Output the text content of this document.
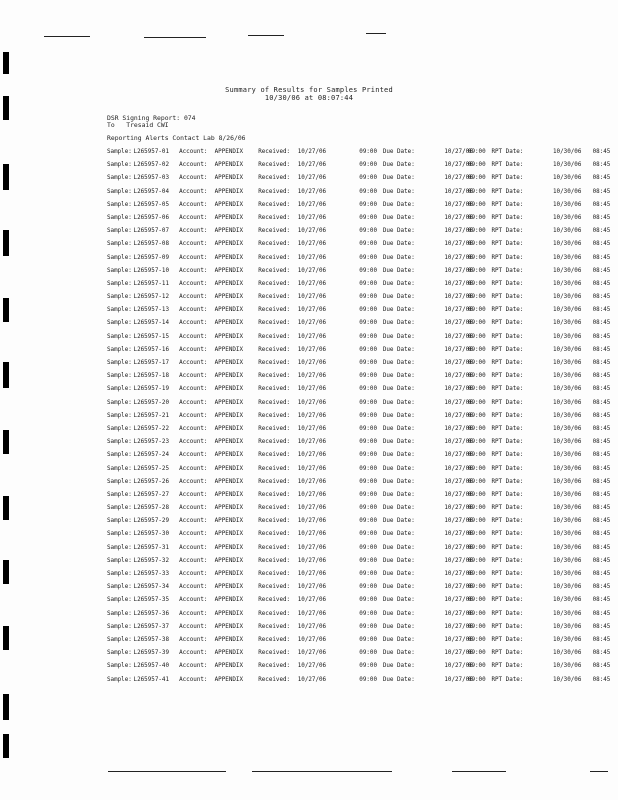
Summary of Results for Samples Printed
10/30/06 at 08:07:44
DSR Signing Report: 074
To   Tresaid CWI
Reporting Alerts Contact Lab 8/26/06
Sample: L265957-01 Account: APPENDIX	Received: 10/27/06	09:00 Due Date:	10/27/06 09:00 RPT Date:	10/30/06 08:45
Sample: L265957-02 Account: APPENDIX	Received: 10/27/06	09:00 Due Date:	10/27/06 09:00 RPT Date:	10/30/06 08:45
Sample: L265957-03 Account: APPENDIX	Received: 10/27/06	09:00 Due Date:	10/27/06 09:00 RPT Date:	10/30/06 08:45
Sample: L265957-04 Account: APPENDIX	Received: 10/27/06	09:00 Due Date:	10/27/06 09:00 RPT Date:	10/30/06 08:45
Sample: L265957-05 Account: APPENDIX	Received: 10/27/06	09:00 Due Date:	10/27/06 09:00 RPT Date:	10/30/06 08:45
Sample: L265957-06 Account: APPENDIX	Received: 10/27/06	09:00 Due Date:	10/27/06 09:00 RPT Date:	10/30/06 08:45
Sample: L265957-07 Account: APPENDIX	Received: 10/27/06	09:00 Due Date:	10/27/06 09:00 RPT Date:	10/30/06 08:45
Sample: L265957-08 Account: APPENDIX	Received: 10/27/06	09:00 Due Date:	10/27/06 09:00 RPT Date:	10/30/06 08:45
Sample: L265957-09 Account: APPENDIX	Received: 10/27/06	09:00 Due Date:	10/27/06 09:00 RPT Date:	10/30/06 08:45
Sample: L265957-10 Account: APPENDIX	Received: 10/27/06	09:00 Due Date:	10/27/06 09:00 RPT Date:	10/30/06 08:45
Sample: L265957-11 Account: APPENDIX	Received: 10/27/06	09:00 Due Date:	10/27/06 09:00 RPT Date:	10/30/06 08:45
Sample: L265957-12 Account: APPENDIX	Received: 10/27/06	09:00 Due Date:	10/27/06 09:00 RPT Date:	10/30/06 08:45
Sample: L265957-13 Account: APPENDIX	Received: 10/27/06	09:00 Due Date:	10/27/06 09:00 RPT Date:	10/30/06 08:45
Sample: L265957-14 Account: APPENDIX	Received: 10/27/06	09:00 Due Date:	10/27/06 09:00 RPT Date:	10/30/06 08:45
Sample: L265957-15 Account: APPENDIX	Received: 10/27/06	09:00 Due Date:	10/27/06 09:00 RPT Date:	10/30/06 08:45
Sample: L265957-16 Account: APPENDIX	Received: 10/27/06	09:00 Due Date:	10/27/06 09:00 RPT Date:	10/30/06 08:45
Sample: L265957-17 Account: APPENDIX	Received: 10/27/06	09:00 Due Date:	10/27/06 09:00 RPT Date:	10/30/06 08:45
Sample: L265957-18 Account: APPENDIX	Received: 10/27/06	09:00 Due Date:	10/27/06 09:00 RPT Date:	10/30/06 08:45
Sample: L265957-19 Account: APPENDIX	Received: 10/27/06	09:00 Due Date:	10/27/06 09:00 RPT Date:	10/30/06 08:45
Sample: L265957-20 Account: APPENDIX	Received: 10/27/06	09:00 Due Date:	10/27/06 09:00 RPT Date:	10/30/06 08:45
Sample: L265957-21 Account: APPENDIX	Received: 10/27/06	09:00 Due Date:	10/27/06 09:00 RPT Date:	10/30/06 08:45
Sample: L265957-22 Account: APPENDIX	Received: 10/27/06	09:00 Due Date:	10/27/06 09:00 RPT Date:	10/30/06 08:45
Sample: L265957-23 Account: APPENDIX	Received: 10/27/06	09:00 Due Date:	10/27/06 09:00 RPT Date:	10/30/06 08:45
Sample: L265957-24 Account: APPENDIX	Received: 10/27/06	09:00 Due Date:	10/27/06 09:00 RPT Date:	10/30/06 08:45
Sample: L265957-25 Account: APPENDIX	Received: 10/27/06	09:00 Due Date:	10/27/06 09:00 RPT Date:	10/30/06 08:45
Sample: L265957-26 Account: APPENDIX	Received: 10/27/06	09:00 Due Date:	10/27/06 09:00 RPT Date:	10/30/06 08:45
Sample: L265957-27 Account: APPENDIX	Received: 10/27/06	09:00 Due Date:	10/27/06 09:00 RPT Date:	10/30/06 08:45
Sample: L265957-28 Account: APPENDIX	Received: 10/27/06	09:00 Due Date:	10/27/06 09:00 RPT Date:	10/30/06 08:45
Sample: L265957-29 Account: APPENDIX	Received: 10/27/06	09:00 Due Date:	10/27/06 09:00 RPT Date:	10/30/06 08:45
Sample: L265957-30 Account: APPENDIX	Received: 10/27/06	09:00 Due Date:	10/27/06 09:00 RPT Date:	10/30/06 08:45
Sample: L265957-31 Account: APPENDIX	Received: 10/27/06	09:00 Due Date:	10/27/06 09:00 RPT Date:	10/30/06 08:45
Sample: L265957-32 Account: APPENDIX	Received: 10/27/06	09:00 Due Date:	10/27/06 09:00 RPT Date:	10/30/06 08:45
Sample: L265957-33 Account: APPENDIX	Received: 10/27/06	09:00 Due Date:	10/27/06 09:00 RPT Date:	10/30/06 08:45
Sample: L265957-34 Account: APPENDIX	Received: 10/27/06	09:00 Due Date:	10/27/06 09:00 RPT Date:	10/30/06 08:45
Sample: L265957-35 Account: APPENDIX	Received: 10/27/06	09:00 Due Date:	10/27/06 09:00 RPT Date:	10/30/06 08:45
Sample: L265957-36 Account: APPENDIX	Received: 10/27/06	09:00 Due Date:	10/27/06 09:00 RPT Date:	10/30/06 08:45
Sample: L265957-37 Account: APPENDIX	Received: 10/27/06	09:00 Due Date:	10/27/06 09:00 RPT Date:	10/30/06 08:45
Sample: L265957-38 Account: APPENDIX	Received: 10/27/06	09:00 Due Date:	10/27/06 09:00 RPT Date:	10/30/06 08:45
Sample: L265957-39 Account: APPENDIX	Received: 10/27/06	09:00 Due Date:	10/27/06 09:00 RPT Date:	10/30/06 08:45
Sample: L265957-40 Account: APPENDIX	Received: 10/27/06	09:00 Due Date:	10/27/06 09:00 RPT Date:	10/30/06 08:45
Sample: L265957-41 Account: APPENDIX	Received: 10/27/06	09:00 Due Date:	10/27/06 09:00 RPT Date:	10/30/06 08:45
